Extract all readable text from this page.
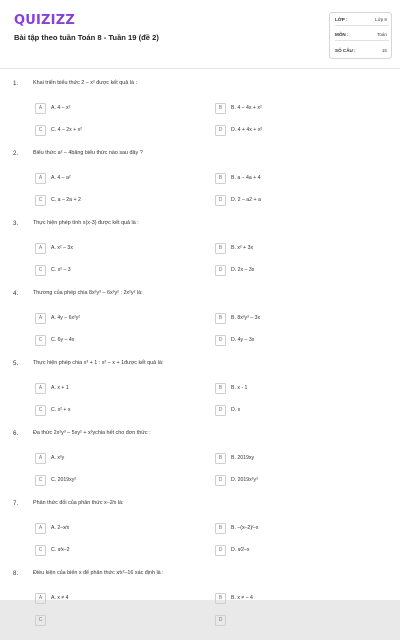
QUIZIZZ
Bài tập theo tuần Toán 8 - Tuần 19 (đề 2)
LỚP :	Lớp 8
MÔN :	Toán
SỐ CÂU :	15
1.	Khai triển biểu thức 2 – x² được kết quả là :
A	A. 4 – x²	B	B. 4 – 4x + x²
C	C. 4 – 2x + x²	D	D. 4 + 4x + x²
2.	Biểu thức a² – 4băng biểu thức nào sau đây ?
A	A. 4 – a²	B	B. a – 4a + 4
C	C. a – 2a + 2	D	D. 2 – a2 + a
3.	Thực hiện phép tính x(x-3) được kết quả là :
A	A. x² – 3x	B	B. x² + 3x
C	C. x² – 3	D	D. 2x – 3x
4.	Thương của phép chia 8x²y³ – 6x³y² : 2x²y² là:
A	A. 4y – 6x²y²	B	B. 8x²y³ – 3x
C	C. 6y – 4x	D	D. 4y – 3x
5.	Thực hiện phép chia x³ + 1 : x² – x + 1được kết quả là:
A	A. x + 1	B	B. x - 1
C	C. x² + x	D	D. x
6.	Đa thức 2x²y³ – 5xy² + x³ychia hết cho đơn thức :
A	A. x²y	B	B. 2019xy
C	C. 2019xy²	D	D. 2019x²y³
7.	Phân thức đối của phân thức x–2⁄x là:
A	A. 2–x⁄x	B	B. –(x–2)⁄–x
C	C. x⁄x–2	D	D. x⁄2–x
8.	Điều kiện của biến x để phân thức x⁄x²–16 xác định là :
A	A. x ≠ 4	B	B. x ≠ – 4
C	D
